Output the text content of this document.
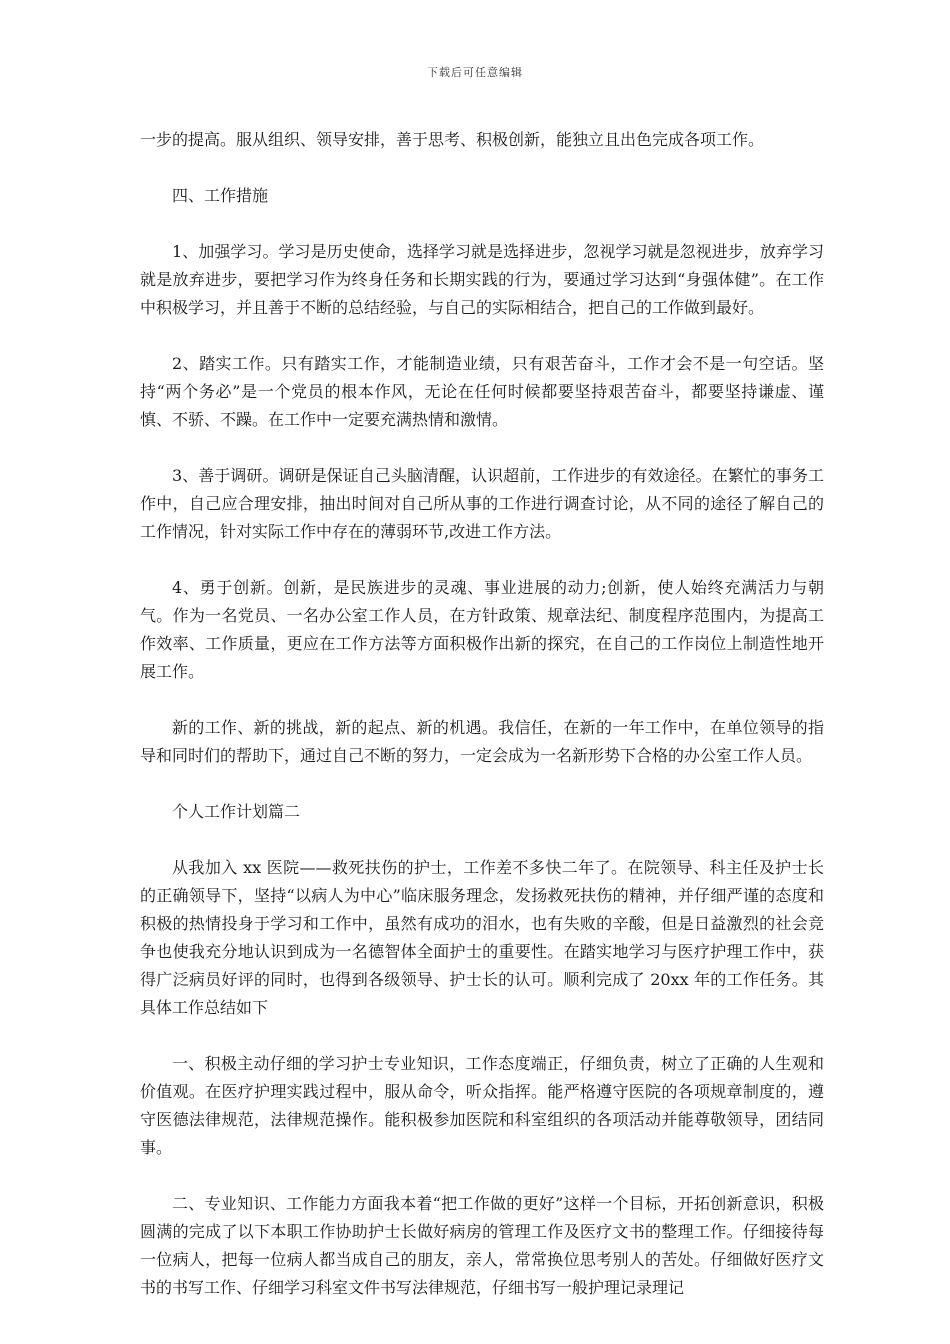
下载后可任意编辑

一步的提高。服从组织、领导安排，善于思考、积极创新，能独立且出色完成各项工作。

四、工作措施

1、加强学习。学习是历史使命，选择学习就是选择进步，忽视学习就是忽视进步，放弃学习就是放弃进步，要把学习作为终身任务和长期实践的行为，要通过学习达到“身强体健”。在工作中积极学习，并且善于不断的总结经验，与自己的实际相结合，把自己的工作做到最好。

2、踏实工作。只有踏实工作，才能制造业绩，只有艰苦奋斗，工作才会不是一句空话。坚持“两个务必”是一个党员的根本作风，无论在任何时候都要坚持艰苦奋斗，都要坚持谦虚、谨慎、不骄、不躁。在工作中一定要充满热情和激情。

3、善于调研。调研是保证自己头脑清醒，认识超前，工作进步的有效途径。在繁忙的事务工作中，自己应合理安排，抽出时间对自己所从事的工作进行调查讨论，从不同的途径了解自己的工作情况，针对实际工作中存在的薄弱环节,改进工作方法。

4、勇于创新。创新，是民族进步的灵魂、事业进展的动力;创新，使人始终充满活力与朝气。作为一名党员、一名办公室工作人员，在方针政策、规章法纪、制度程序范围内，为提高工作效率、工作质量，更应在工作方法等方面积极作出新的探究，在自己的工作岗位上制造性地开展工作。

新的工作、新的挑战，新的起点、新的机遇。我信任，在新的一年工作中，在单位领导的指导和同时们的帮助下，通过自己不断的努力，一定会成为一名新形势下合格的办公室工作人员。

个人工作计划篇二

从我加入 xx 医院——救死扶伤的护士，工作差不多快二年了。在院领导、科主任及护士长的正确领导下，坚持“以病人为中心”临床服务理念，发扬救死扶伤的精神，并仔细严谨的态度和积极的热情投身于学习和工作中，虽然有成功的泪水，也有失败的辛酸，但是日益激烈的社会竞争也使我充分地认识到成为一名德智体全面护士的重要性。在踏实地学习与医疗护理工作中，获得广泛病员好评的同时，也得到各级领导、护士长的认可。顺利完成了 20xx 年的工作任务。其具体工作总结如下

一、积极主动仔细的学习护士专业知识，工作态度端正，仔细负责，树立了正确的人生观和价值观。在医疗护理实践过程中，服从命令，听众指挥。能严格遵守医院的各项规章制度的，遵守医德法律规范，法律规范操作。能积极参加医院和科室组织的各项活动并能尊敬领导，团结同事。

二、专业知识、工作能力方面我本着“把工作做的更好”这样一个目标，开拓创新意识，积极圆满的完成了以下本职工作协助护士长做好病房的管理工作及医疗文书的整理工作。仔细接待每一位病人，把每一位病人都当成自己的朋友，亲人，常常换位思考别人的苦处。仔细做好医疗文书的书写工作、仔细学习科室文件书写法律规范，仔细书写一般护理记录理记
